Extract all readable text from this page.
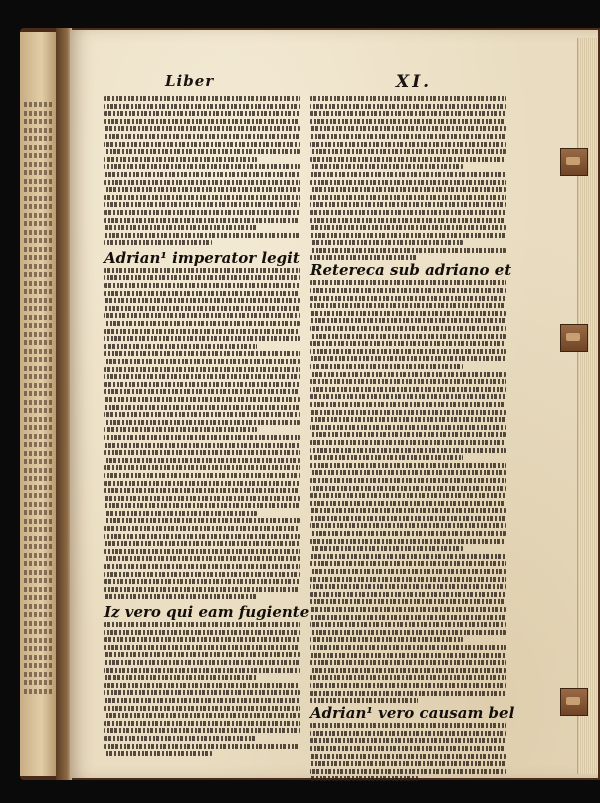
Liber	XI.
Adrian¹ imperator legit
Iz vero qui eam fugiente
Retereca sub adriano et
Adrian¹ vero causam bel
